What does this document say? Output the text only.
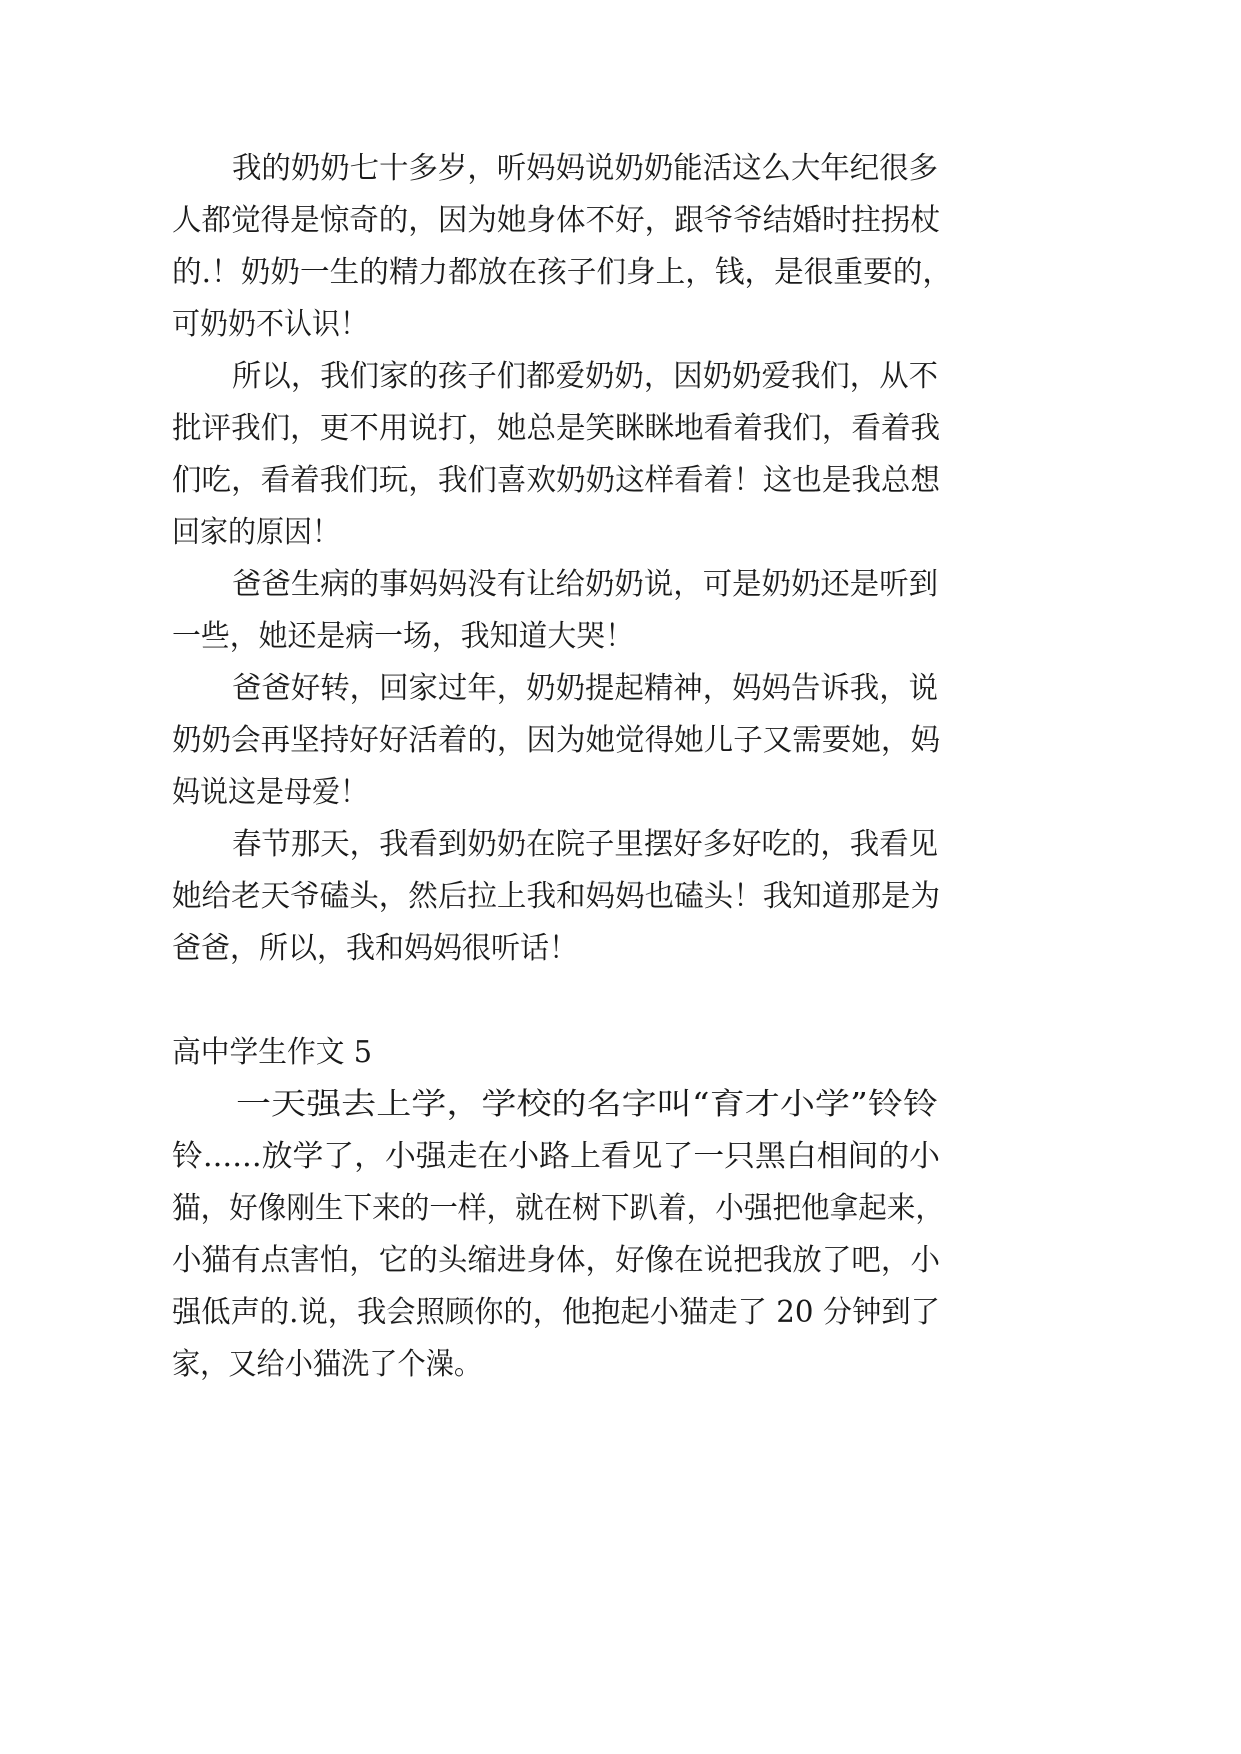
我的奶奶七十多岁，听妈妈说奶奶能活这么大年纪很多
人都觉得是惊奇的，因为她身体不好，跟爷爷结婚时拄拐杖
的.！奶奶一生的精力都放在孩子们身上，钱，是很重要的，
可奶奶不认识！
所以，我们家的孩子们都爱奶奶，因奶奶爱我们，从不
批评我们，更不用说打，她总是笑眯眯地看着我们，看着我
们吃，看着我们玩，我们喜欢奶奶这样看着！这也是我总想
回家的原因！
爸爸生病的事妈妈没有让给奶奶说，可是奶奶还是听到
一些，她还是病一场，我知道大哭！
爸爸好转，回家过年，奶奶提起精神，妈妈告诉我，说
奶奶会再坚持好好活着的，因为她觉得她儿子又需要她，妈
妈说这是母爱！
春节那天，我看到奶奶在院子里摆好多好吃的，我看见
她给老天爷磕头，然后拉上我和妈妈也磕头！我知道那是为
爸爸，所以，我和妈妈很听话！
高中学生作文 5
一天强去上学，学校的名字叫“育才小学”铃铃
铃......放学了，小强走在小路上看见了一只黑白相间的小
猫，好像刚生下来的一样，就在树下趴着，小强把他拿起来，
小猫有点害怕，它的头缩进身体，好像在说把我放了吧，小
强低声的.说，我会照顾你的，他抱起小猫走了 20 分钟到了
家，又给小猫洗了个澡。
